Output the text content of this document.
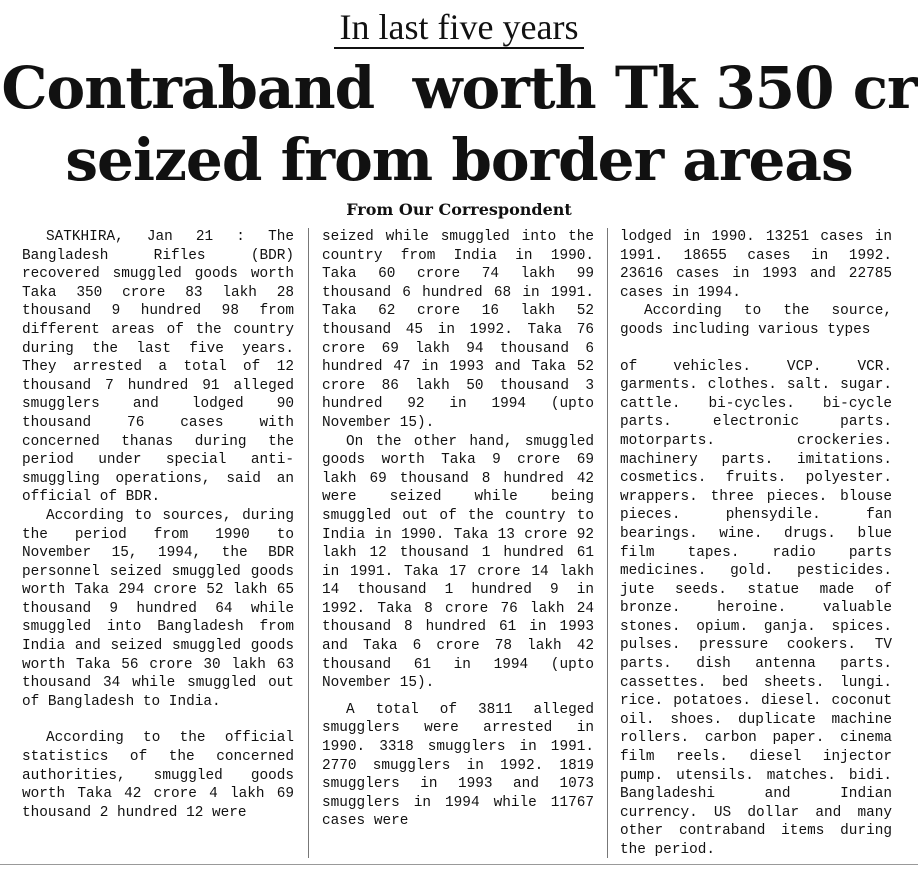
In last five years
Contraband  worth Tk 350 cr
seized from border areas
From Our Correspondent

SATKHIRA, Jan 21 : The Bangladesh Rifles (BDR) recovered smuggled goods worth Taka 350 crore 83 lakh 28 thousand 9 hundred 98 from different areas of the country during the last five years. They arrested a total of 12 thousand 7 hundred 91 alleged smugglers and lodged 90 thousand 76 cases with concerned thanas during the period under special anti-smuggling operations, said an official of BDR.

According to sources, during the period from 1990 to November 15, 1994, the BDR personnel seized smuggled goods worth Taka 294 crore 52 lakh 65 thousand 9 hundred 64 while smuggled into Bangladesh from India and seized smuggled goods worth Taka 56 crore 30 lakh 63 thousand 34 while smuggled out of Bangladesh to India.

According to the official statistics of the concerned authorities, smuggled goods worth Taka 42 crore 4 lakh 69 thousand 2 hundred 12 were

seized while smuggled into the country from India in 1990. Taka 60 crore 74 lakh 99 thousand 6 hundred 68 in 1991. Taka 62 crore 16 lakh 52 thousand 45 in 1992. Taka 76 crore 69 lakh 94 thousand 6 hundred 47 in 1993 and Taka 52 crore 86 lakh 50 thousand 3 hundred 92 in 1994 (upto November 15).

On the other hand, smuggled goods worth Taka 9 crore 69 lakh 69 thousand 8 hundred 42 were seized while being smuggled out of the country to India in 1990. Taka 13 crore 92 lakh 12 thousand 1 hundred 61 in 1991. Taka 17 crore 14 lakh 14 thousand 1 hundred 9 in 1992. Taka 8 crore 76 lakh 24 thousand 8 hundred 61 in 1993 and Taka 6 crore 78 lakh 42 thousand 61 in 1994 (upto November 15).

A total of 3811 alleged smugglers were arrested in 1990. 3318 smugglers in 1991. 2770 smugglers in 1992. 1819 smugglers in 1993 and 1073 smugglers in 1994 while 11767 cases were

lodged in 1990. 13251 cases in 1991. 18655 cases in 1992. 23616 cases in 1993 and 22785 cases in 1994.

According to the source, goods including various types

of vehicles. VCP. VCR. garments. clothes. salt. sugar. cattle. bi-cycles. bi-cycle parts. electronic parts. motorparts. crockeries. machinery parts. imitations. cosmetics. fruits. polyester. wrappers. three pieces. blouse pieces. phensydile. fan bearings. wine. drugs. blue film tapes. radio parts medicines. gold. pesticides. jute seeds. statue made of bronze. heroine. valuable stones. opium. ganja. spices. pulses. pressure cookers. TV parts. dish antenna parts. cassettes. bed sheets. lungi. rice. potatoes. diesel. coconut oil. shoes. duplicate machine rollers. carbon paper. cinema film reels. diesel injector pump. utensils. matches. bidi. Bangladeshi and Indian currency. US dollar and many other contraband items during the period.
